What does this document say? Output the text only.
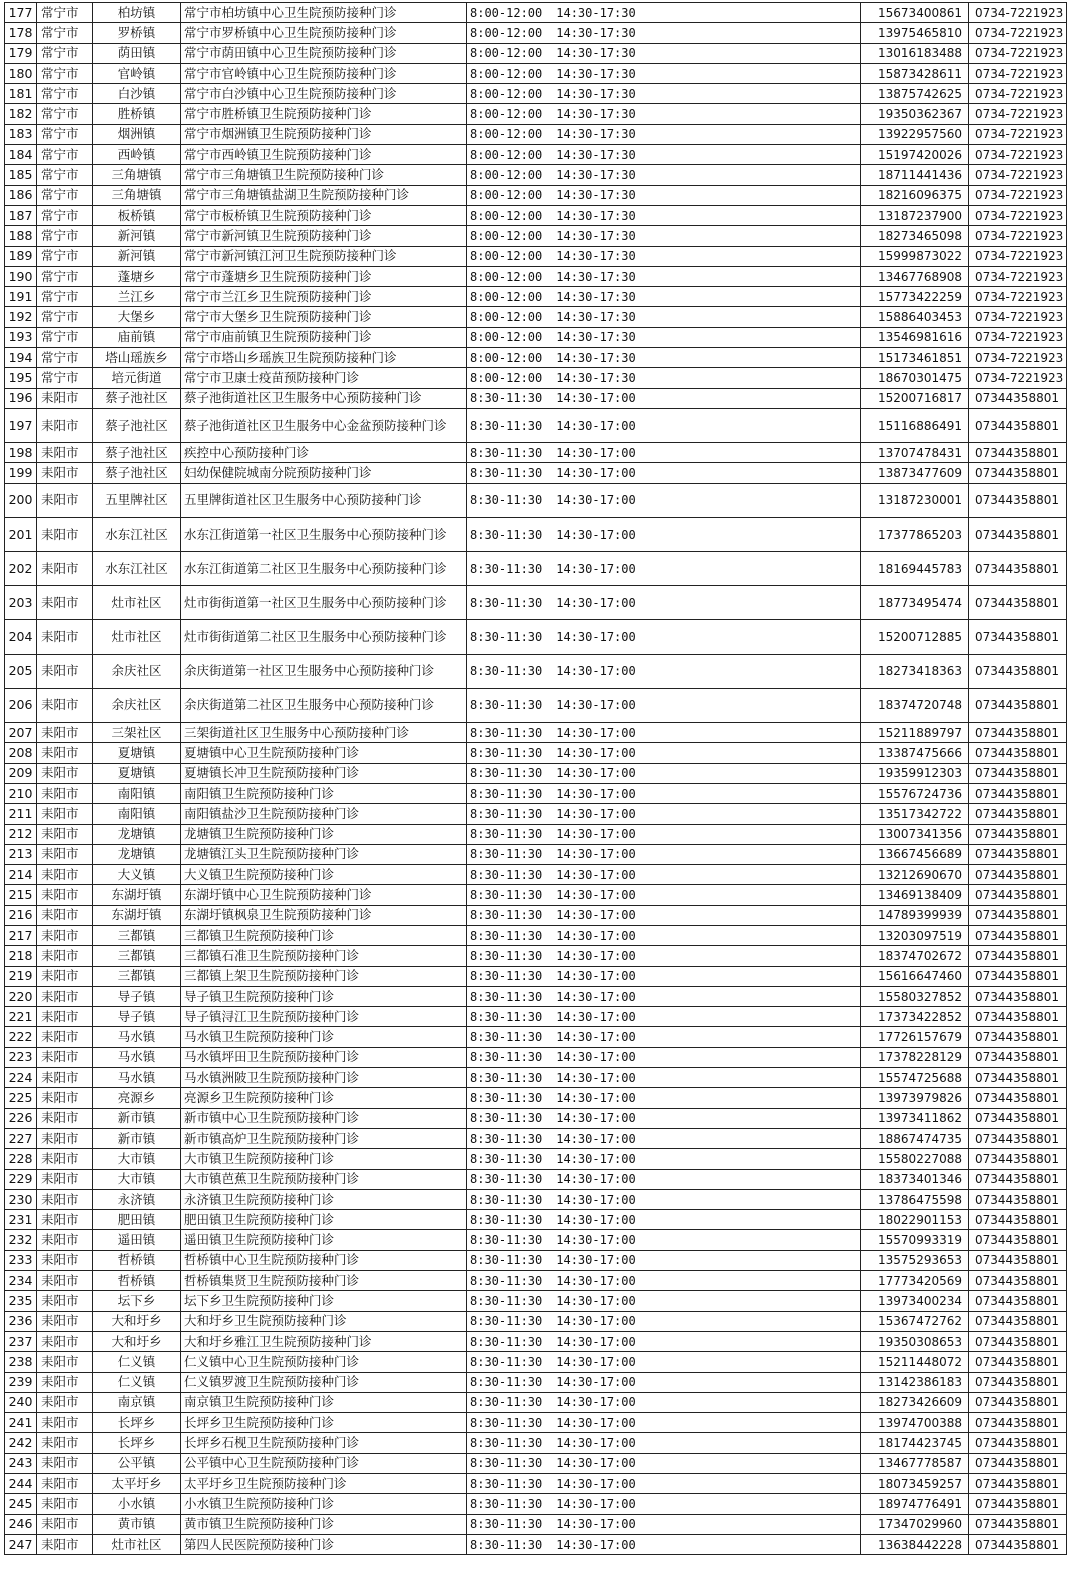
177	常宁市	柏坊镇	常宁市柏坊镇中心卫生院预防接种门诊	8:00-12:00 14:30-17:30	15673400861	0734-7221923
178	常宁市	罗桥镇	常宁市罗桥镇中心卫生院预防接种门诊	8:00-12:00 14:30-17:30	13975465810	0734-7221923
179	常宁市	荫田镇	常宁市荫田镇中心卫生院预防接种门诊	8:00-12:00 14:30-17:30	13016183488	0734-7221923
180	常宁市	官岭镇	常宁市官岭镇中心卫生院预防接种门诊	8:00-12:00 14:30-17:30	15873428611	0734-7221923
181	常宁市	白沙镇	常宁市白沙镇中心卫生院预防接种门诊	8:00-12:00 14:30-17:30	13875742625	0734-7221923
182	常宁市	胜桥镇	常宁市胜桥镇卫生院预防接种门诊	8:00-12:00 14:30-17:30	19350362367	0734-7221923
183	常宁市	烟洲镇	常宁市烟洲镇卫生院预防接种门诊	8:00-12:00 14:30-17:30	13922957560	0734-7221923
184	常宁市	西岭镇	常宁市西岭镇卫生院预防接种门诊	8:00-12:00 14:30-17:30	15197420026	0734-7221923
185	常宁市	三角塘镇	常宁市三角塘镇卫生院预防接种门诊	8:00-12:00 14:30-17:30	18711441436	0734-7221923
186	常宁市	三角塘镇	常宁市三角塘镇盐湖卫生院预防接种门诊	8:00-12:00 14:30-17:30	18216096375	0734-7221923
187	常宁市	板桥镇	常宁市板桥镇卫生院预防接种门诊	8:00-12:00 14:30-17:30	13187237900	0734-7221923
188	常宁市	新河镇	常宁市新河镇卫生院预防接种门诊	8:00-12:00 14:30-17:30	18273465098	0734-7221923
189	常宁市	新河镇	常宁市新河镇江河卫生院预防接种门诊	8:00-12:00 14:30-17:30	15999873022	0734-7221923
190	常宁市	蓬塘乡	常宁市蓬塘乡卫生院预防接种门诊	8:00-12:00 14:30-17:30	13467768908	0734-7221923
191	常宁市	兰江乡	常宁市兰江乡卫生院预防接种门诊	8:00-12:00 14:30-17:30	15773422259	0734-7221923
192	常宁市	大堡乡	常宁市大堡乡卫生院预防接种门诊	8:00-12:00 14:30-17:30	15886403453	0734-7221923
193	常宁市	庙前镇	常宁市庙前镇卫生院预防接种门诊	8:00-12:00 14:30-17:30	13546981616	0734-7221923
194	常宁市	塔山瑶族乡	常宁市塔山乡瑶族卫生院预防接种门诊	8:00-12:00 14:30-17:30	15173461851	0734-7221923
195	常宁市	培元街道	常宁市卫康士疫苗预防接种门诊	8:00-12:00 14:30-17:30	18670301475	0734-7221923
196	耒阳市	蔡子池社区	蔡子池街道社区卫生服务中心预防接种门诊	8:30-11:30 14:30-17:00	15200716817	07344358801
197	耒阳市	蔡子池社区	蔡子池街道社区卫生服务中心金盆预防接种门诊	8:30-11:30 14:30-17:00	15116886491	07344358801
198	耒阳市	蔡子池社区	疾控中心预防接种门诊	8:30-11:30 14:30-17:00	13707478431	07344358801
199	耒阳市	蔡子池社区	妇幼保健院城南分院预防接种门诊	8:30-11:30 14:30-17:00	13873477609	07344358801
200	耒阳市	五里牌社区	五里牌街道社区卫生服务中心预防接种门诊	8:30-11:30 14:30-17:00	13187230001	07344358801
201	耒阳市	水东江社区	水东江街道第一社区卫生服务中心预防接种门诊	8:30-11:30 14:30-17:00	17377865203	07344358801
202	耒阳市	水东江社区	水东江街道第二社区卫生服务中心预防接种门诊	8:30-11:30 14:30-17:00	18169445783	07344358801
203	耒阳市	灶市社区	灶市街街道第一社区卫生服务中心预防接种门诊	8:30-11:30 14:30-17:00	18773495474	07344358801
204	耒阳市	灶市社区	灶市街街道第二社区卫生服务中心预防接种门诊	8:30-11:30 14:30-17:00	15200712885	07344358801
205	耒阳市	余庆社区	余庆街道第一社区卫生服务中心预防接种门诊	8:30-11:30 14:30-17:00	18273418363	07344358801
206	耒阳市	余庆社区	余庆街道第二社区卫生服务中心预防接种门诊	8:30-11:30 14:30-17:00	18374720748	07344358801
207	耒阳市	三架社区	三架街道社区卫生服务中心预防接种门诊	8:30-11:30 14:30-17:00	15211889797	07344358801
208	耒阳市	夏塘镇	夏塘镇中心卫生院预防接种门诊	8:30-11:30 14:30-17:00	13387475666	07344358801
209	耒阳市	夏塘镇	夏塘镇长冲卫生院预防接种门诊	8:30-11:30 14:30-17:00	19359912303	07344358801
210	耒阳市	南阳镇	南阳镇卫生院预防接种门诊	8:30-11:30 14:30-17:00	15576724736	07344358801
211	耒阳市	南阳镇	南阳镇盐沙卫生院预防接种门诊	8:30-11:30 14:30-17:00	13517342722	07344358801
212	耒阳市	龙塘镇	龙塘镇卫生院预防接种门诊	8:30-11:30 14:30-17:00	13007341356	07344358801
213	耒阳市	龙塘镇	龙塘镇江头卫生院预防接种门诊	8:30-11:30 14:30-17:00	13667456689	07344358801
214	耒阳市	大义镇	大义镇卫生院预防接种门诊	8:30-11:30 14:30-17:00	13212690670	07344358801
215	耒阳市	东湖圩镇	东湖圩镇中心卫生院预防接种门诊	8:30-11:30 14:30-17:00	13469138409	07344358801
216	耒阳市	东湖圩镇	东湖圩镇枫泉卫生院预防接种门诊	8:30-11:30 14:30-17:00	14789399939	07344358801
217	耒阳市	三都镇	三都镇卫生院预防接种门诊	8:30-11:30 14:30-17:00	13203097519	07344358801
218	耒阳市	三都镇	三都镇石准卫生院预防接种门诊	8:30-11:30 14:30-17:00	18374702672	07344358801
219	耒阳市	三都镇	三都镇上架卫生院预防接种门诊	8:30-11:30 14:30-17:00	15616647460	07344358801
220	耒阳市	导子镇	导子镇卫生院预防接种门诊	8:30-11:30 14:30-17:00	15580327852	07344358801
221	耒阳市	导子镇	导子镇浔江卫生院预防接种门诊	8:30-11:30 14:30-17:00	17373422852	07344358801
222	耒阳市	马水镇	马水镇卫生院预防接种门诊	8:30-11:30 14:30-17:00	17726157679	07344358801
223	耒阳市	马水镇	马水镇坪田卫生院预防接种门诊	8:30-11:30 14:30-17:00	17378228129	07344358801
224	耒阳市	马水镇	马水镇洲陂卫生院预防接种门诊	8:30-11:30 14:30-17:00	15574725688	07344358801
225	耒阳市	亮源乡	亮源乡卫生院预防接种门诊	8:30-11:30 14:30-17:00	13973979826	07344358801
226	耒阳市	新市镇	新市镇中心卫生院预防接种门诊	8:30-11:30 14:30-17:00	13973411862	07344358801
227	耒阳市	新市镇	新市镇高炉卫生院预防接种门诊	8:30-11:30 14:30-17:00	18867474735	07344358801
228	耒阳市	大市镇	大市镇卫生院预防接种门诊	8:30-11:30 14:30-17:00	15580227088	07344358801
229	耒阳市	大市镇	大市镇芭蕉卫生院预防接种门诊	8:30-11:30 14:30-17:00	18373401346	07344358801
230	耒阳市	永济镇	永济镇卫生院预防接种门诊	8:30-11:30 14:30-17:00	13786475598	07344358801
231	耒阳市	肥田镇	肥田镇卫生院预防接种门诊	8:30-11:30 14:30-17:00	18022901153	07344358801
232	耒阳市	遥田镇	遥田镇卫生院预防接种门诊	8:30-11:30 14:30-17:00	15570993319	07344358801
233	耒阳市	哲桥镇	哲桥镇中心卫生院预防接种门诊	8:30-11:30 14:30-17:00	13575293653	07344358801
234	耒阳市	哲桥镇	哲桥镇集贤卫生院预防接种门诊	8:30-11:30 14:30-17:00	17773420569	07344358801
235	耒阳市	坛下乡	坛下乡卫生院预防接种门诊	8:30-11:30 14:30-17:00	13973400234	07344358801
236	耒阳市	大和圩乡	大和圩乡卫生院预防接种门诊	8:30-11:30 14:30-17:00	15367472762	07344358801
237	耒阳市	大和圩乡	大和圩乡雅江卫生院预防接种门诊	8:30-11:30 14:30-17:00	19350308653	07344358801
238	耒阳市	仁义镇	仁义镇中心卫生院预防接种门诊	8:30-11:30 14:30-17:00	15211448072	07344358801
239	耒阳市	仁义镇	仁义镇罗渡卫生院预防接种门诊	8:30-11:30 14:30-17:00	13142386183	07344358801
240	耒阳市	南京镇	南京镇卫生院预防接种门诊	8:30-11:30 14:30-17:00	18273426609	07344358801
241	耒阳市	长坪乡	长坪乡卫生院预防接种门诊	8:30-11:30 14:30-17:00	13974700388	07344358801
242	耒阳市	长坪乡	长坪乡石枧卫生院预防接种门诊	8:30-11:30 14:30-17:00	18174423745	07344358801
243	耒阳市	公平镇	公平镇中心卫生院预防接种门诊	8:30-11:30 14:30-17:00	13467778587	07344358801
244	耒阳市	太平圩乡	太平圩乡卫生院预防接种门诊	8:30-11:30 14:30-17:00	18073459257	07344358801
245	耒阳市	小水镇	小水镇卫生院预防接种门诊	8:30-11:30 14:30-17:00	18974776491	07344358801
246	耒阳市	黄市镇	黄市镇卫生院预防接种门诊	8:30-11:30 14:30-17:00	17347029960	07344358801
247	耒阳市	灶市社区	第四人民医院预防接种门诊	8:30-11:30 14:30-17:00	13638442228	07344358801
